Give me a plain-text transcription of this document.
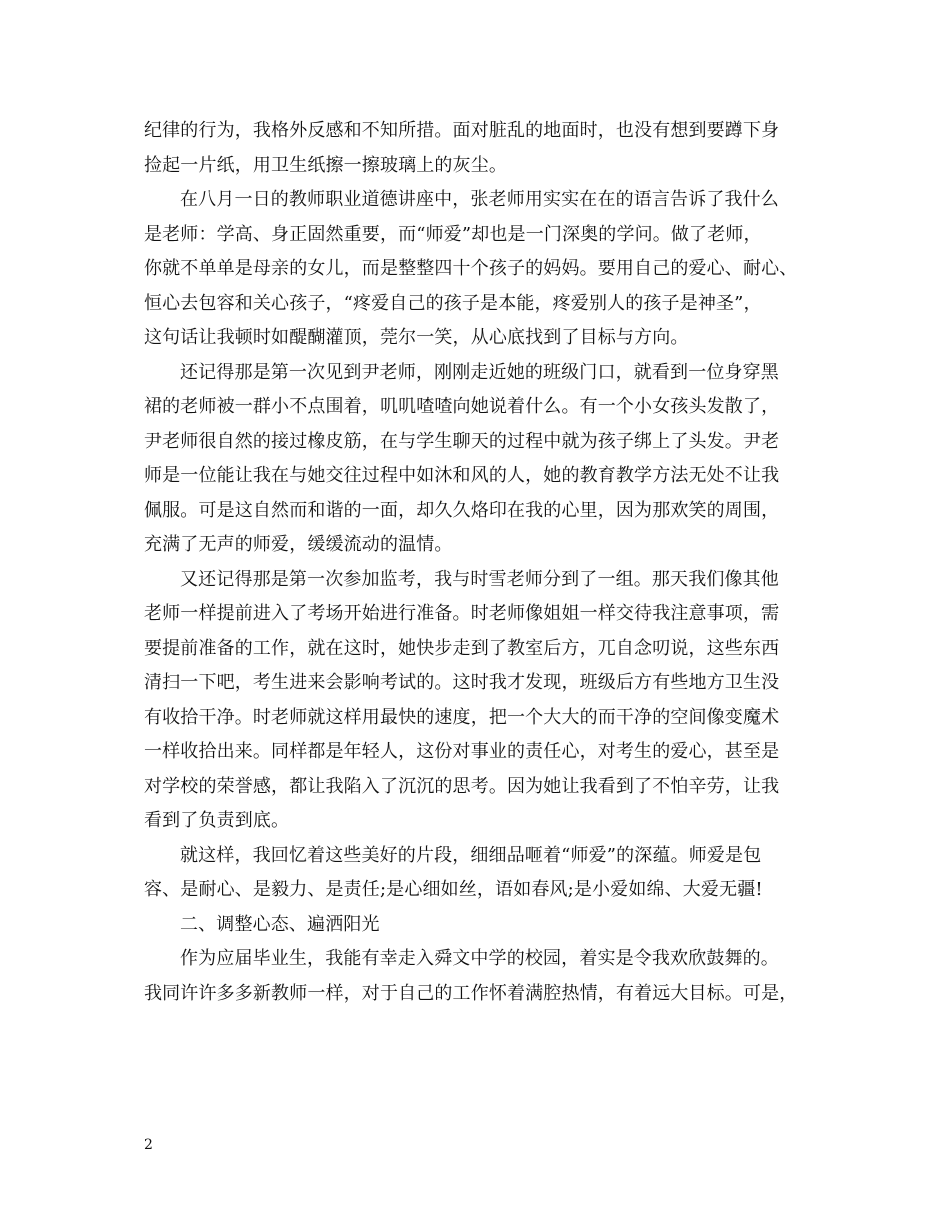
纪律的行为，我格外反感和不知所措。面对脏乱的地面时，也没有想到要蹲下身
捡起一片纸，用卫生纸擦一擦玻璃上的灰尘。
在八月一日的教师职业道德讲座中，张老师用实实在在的语言告诉了我什么
是老师：学高、身正固然重要，而“师爱”却也是一门深奥的学问。做了老师，
你就不单单是母亲的女儿，而是整整四十个孩子的妈妈。要用自己的爱心、耐心、
恒心去包容和关心孩子，“疼爱自己的孩子是本能，疼爱别人的孩子是神圣”，
这句话让我顿时如醍醐灌顶，莞尔一笑，从心底找到了目标与方向。
还记得那是第一次见到尹老师，刚刚走近她的班级门口，就看到一位身穿黑
裙的老师被一群小不点围着，叽叽喳喳向她说着什么。有一个小女孩头发散了，
尹老师很自然的接过橡皮筋，在与学生聊天的过程中就为孩子绑上了头发。尹老
师是一位能让我在与她交往过程中如沐和风的人，她的教育教学方法无处不让我
佩服。可是这自然而和谐的一面，却久久烙印在我的心里，因为那欢笑的周围，
充满了无声的师爱，缓缓流动的温情。
又还记得那是第一次参加监考，我与时雪老师分到了一组。那天我们像其他
老师一样提前进入了考场开始进行准备。时老师像姐姐一样交待我注意事项，需
要提前准备的工作，就在这时，她快步走到了教室后方，兀自念叨说，这些东西
清扫一下吧，考生进来会影响考试的。这时我才发现，班级后方有些地方卫生没
有收拾干净。时老师就这样用最快的速度，把一个大大的而干净的空间像变魔术
一样收拾出来。同样都是年轻人，这份对事业的责任心，对考生的爱心，甚至是
对学校的荣誉感，都让我陷入了沉沉的思考。因为她让我看到了不怕辛劳，让我
看到了负责到底。
就这样，我回忆着这些美好的片段，细细品咂着“师爱”的深蕴。师爱是包
容、是耐心、是毅力、是责任;是心细如丝，语如春风;是小爱如绵、大爱无疆!
二、调整心态、遍洒阳光
作为应届毕业生，我能有幸走入舜文中学的校园，着实是令我欢欣鼓舞的。
我同许许多多新教师一样，对于自己的工作怀着满腔热情，有着远大目标。可是，
2
